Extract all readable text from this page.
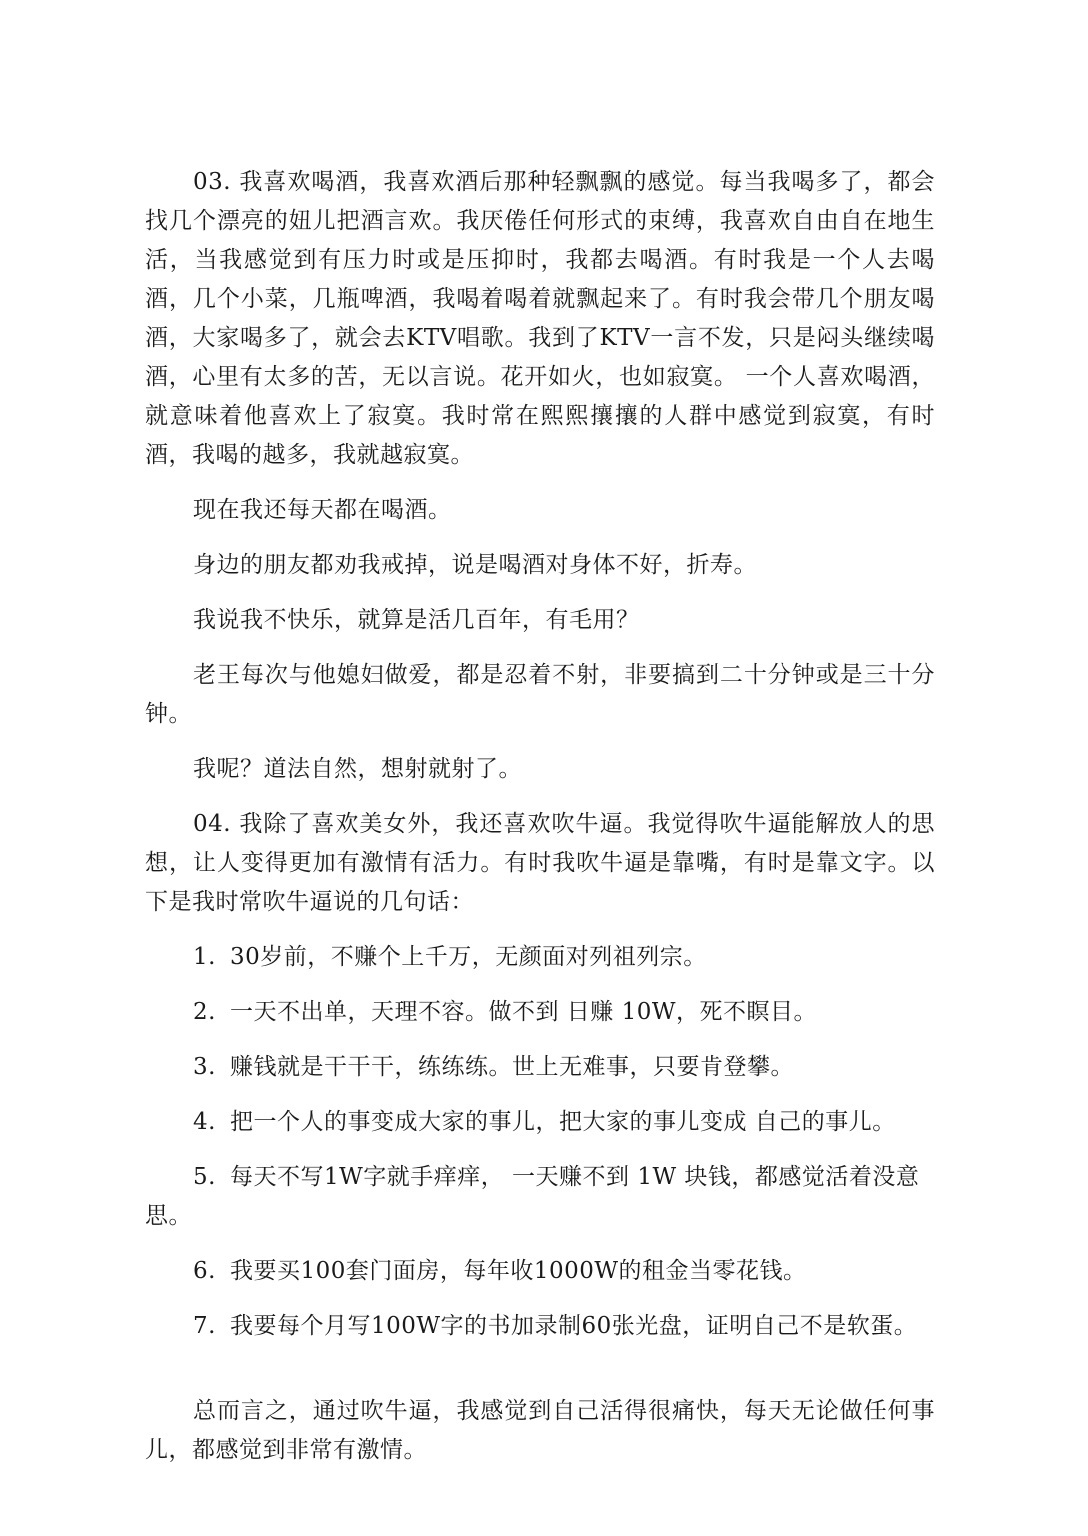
03. 我喜欢喝酒，我喜欢酒后那种轻飘飘的感觉。每当我喝多了，都会找几个漂亮的妞儿把酒言欢。我厌倦任何形式的束缚，我喜欢自由自在地生活，当我感觉到有压力时或是压抑时，我都去喝酒。有时我是一个人去喝酒，几个小菜，几瓶啤酒，我喝着喝着就飘起来了。有时我会带几个朋友喝酒，大家喝多了，就会去KTV唱歌。我到了KTV一言不发，只是闷头继续喝酒，心里有太多的苦，无以言说。花开如火，也如寂寞。 一个人喜欢喝酒，就意味着他喜欢上了寂寞。我时常在熙熙攘攘的人群中感觉到寂寞，有时酒，我喝的越多，我就越寂寞。

现在我还每天都在喝酒。

身边的朋友都劝我戒掉，说是喝酒对身体不好，折寿。

我说我不快乐，就算是活几百年，有毛用？

老王每次与他媳妇做爱，都是忍着不射，非要搞到二十分钟或是三十分钟。

我呢？道法自然，想射就射了。

04. 我除了喜欢美女外，我还喜欢吹牛逼。我觉得吹牛逼能解放人的思想，让人变得更加有激情有活力。有时我吹牛逼是靠嘴，有时是靠文字。以下是我时常吹牛逼说的几句话：

1. 30岁前，不赚个上千万，无颜面对列祖列宗。

2. 一天不出单，天理不容。做不到 日赚 10W，死不瞑目。

3. 赚钱就是干干干，练练练。世上无难事，只要肯登攀。

4. 把一个人的事变成大家的事儿，把大家的事儿变成 自己的事儿。

5. 每天不写1W字就手痒痒， 一天赚不到 1W 块钱，都感觉活着没意思。

6. 我要买100套门面房，每年收1000W的租金当零花钱。

7. 我要每个月写100W字的书加录制60张光盘，证明自己不是软蛋。

总而言之，通过吹牛逼，我感觉到自己活得很痛快，每天无论做任何事儿，都感觉到非常有激情。
